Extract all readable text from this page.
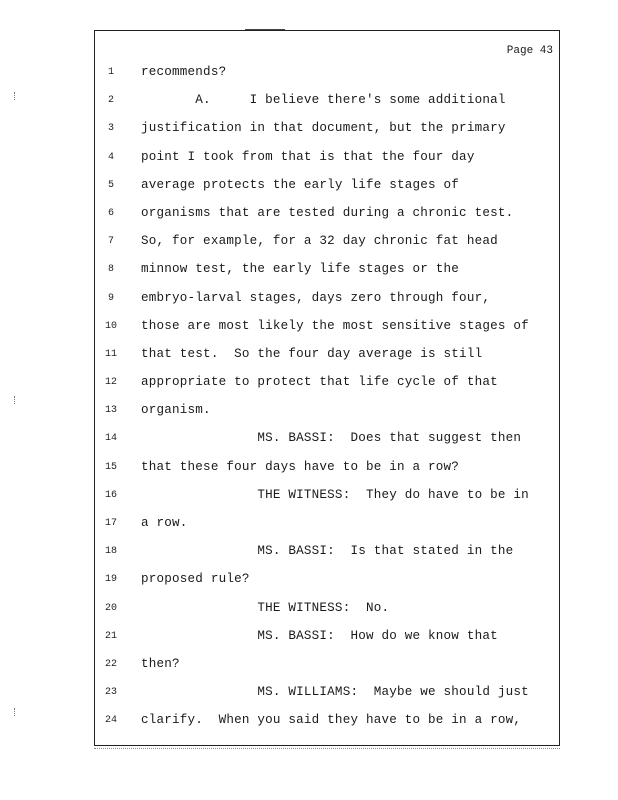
Page 43
1	recommends?
2	A.     I believe there's some additional
3	justification in that document, but the primary
4	point I took from that is that the four day
5	average protects the early life stages of
6	organisms that are tested during a chronic test.
7	So, for example, for a 32 day chronic fat head
8	minnow test, the early life stages or the
9	embryo-larval stages, days zero through four,
10	those are most likely the most sensitive stages of
11	that test.  So the four day average is still
12	appropriate to protect that life cycle of that
13	organism.
14	MS. BASSI:  Does that suggest then
15	that these four days have to be in a row?
16	THE WITNESS:  They do have to be in
17	a row.
18	MS. BASSI:  Is that stated in the
19	proposed rule?
20	THE WITNESS:  No.
21	MS. BASSI:  How do we know that
22	then?
23	MS. WILLIAMS:  Maybe we should just
24	clarify.  When you said they have to be in a row,
